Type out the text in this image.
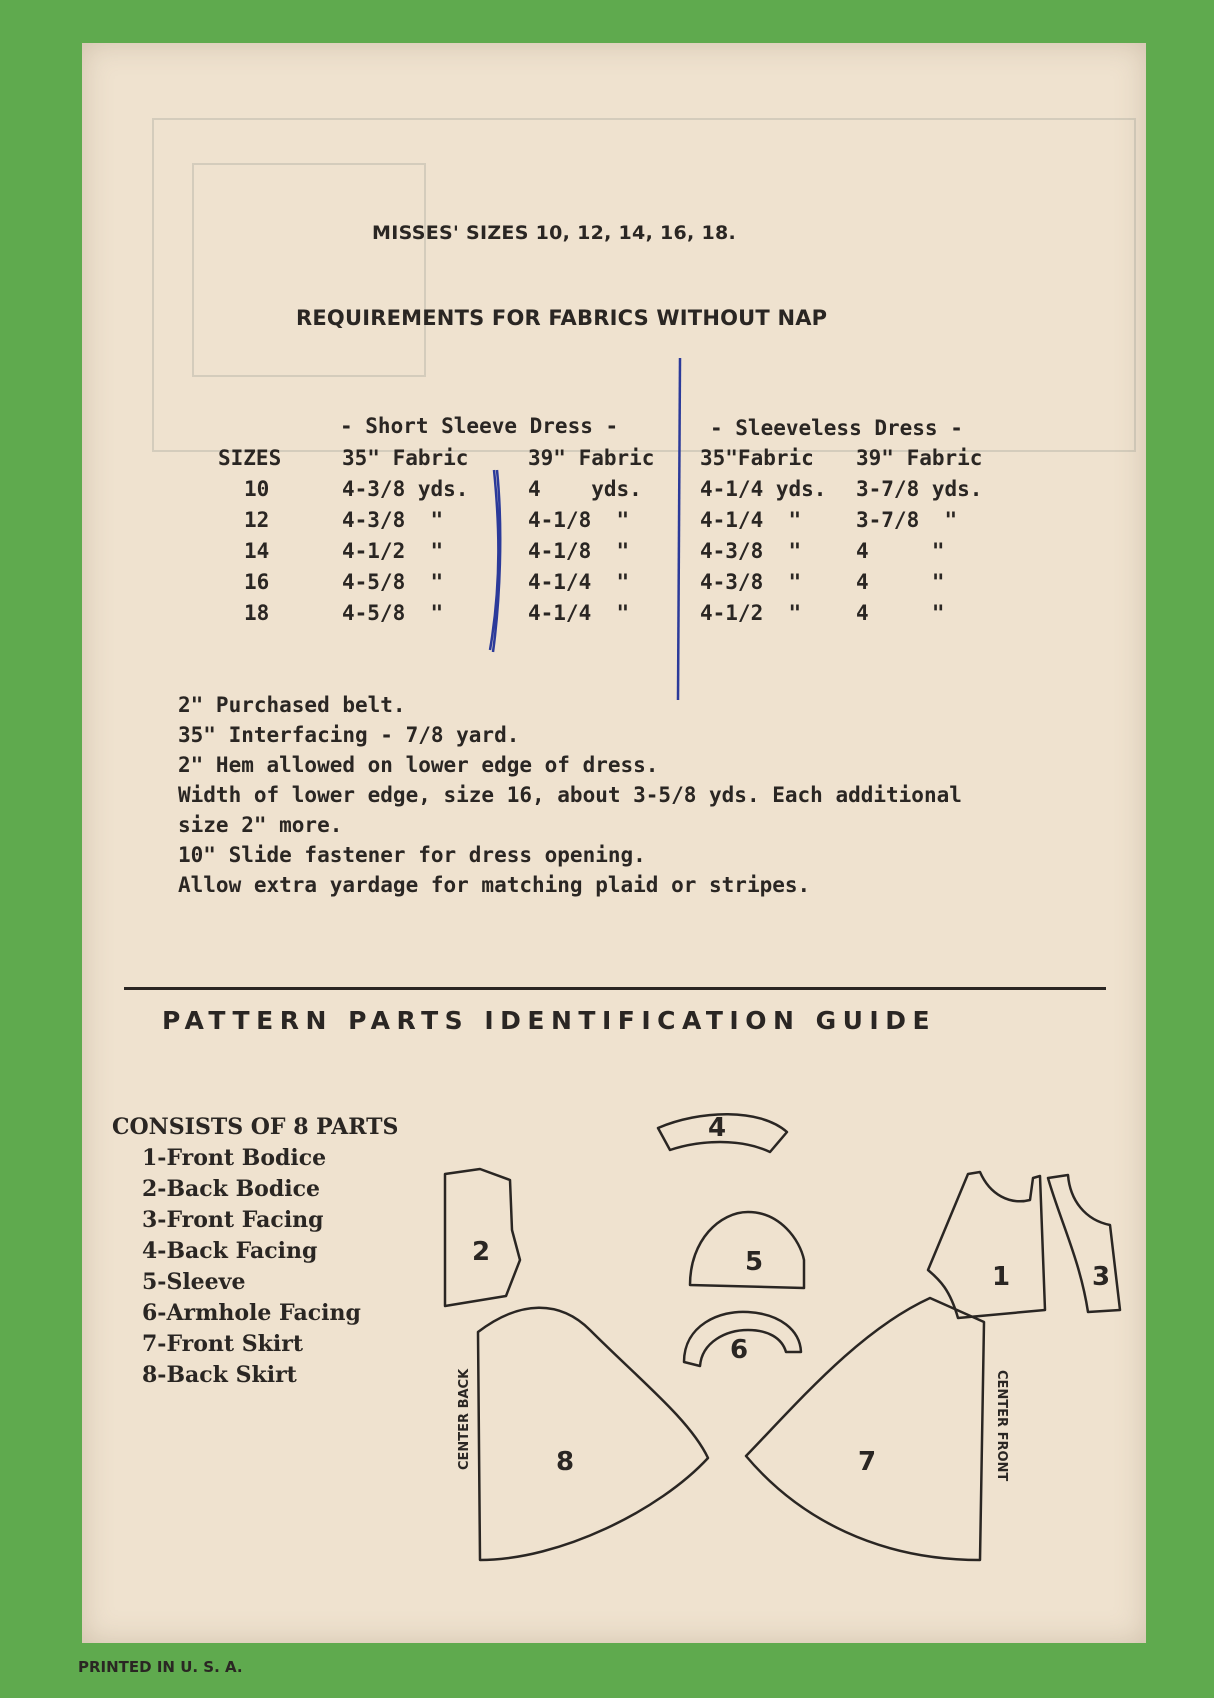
MISSES' SIZES 10, 12, 14, 16, 18.
REQUIREMENTS FOR FABRICS WITHOUT NAP
- Short Sleeve Dress -	- Sleeveless Dress -
SIZES	35" Fabric	39" Fabric	35"Fabric	39" Fabric
10	4-3/8 yds.	4    yds.	4-1/4 yds.	3-7/8 yds.
12	4-3/8  "	4-1/8  "	4-1/4  "	3-7/8  "
14	4-1/2  "	4-1/8  "	4-3/8  "	4     "
16	4-5/8  "	4-1/4  "	4-3/8  "	4     "
18	4-5/8  "	4-1/4  "	4-1/2  "	4     "
2" Purchased belt.
35" Interfacing - 7/8 yard.
2" Hem allowed on lower edge of dress.
Width of lower edge, size 16, about 3-5/8 yds. Each additional
size 2" more.
10" Slide fastener for dress opening.
Allow extra yardage for matching plaid or stripes.
PATTERN PARTS IDENTIFICATION GUIDE
CONSISTS OF 8 PARTS
1-Front Bodice
2-Back Bodice
3-Front Facing
4-Back Facing
5-Sleeve
6-Armhole Facing
7-Front Skirt
8-Back Skirt
2
4
5
6
1	3
8	7
CENTER BACK	CENTER FRONT
PRINTED IN U. S. A.
